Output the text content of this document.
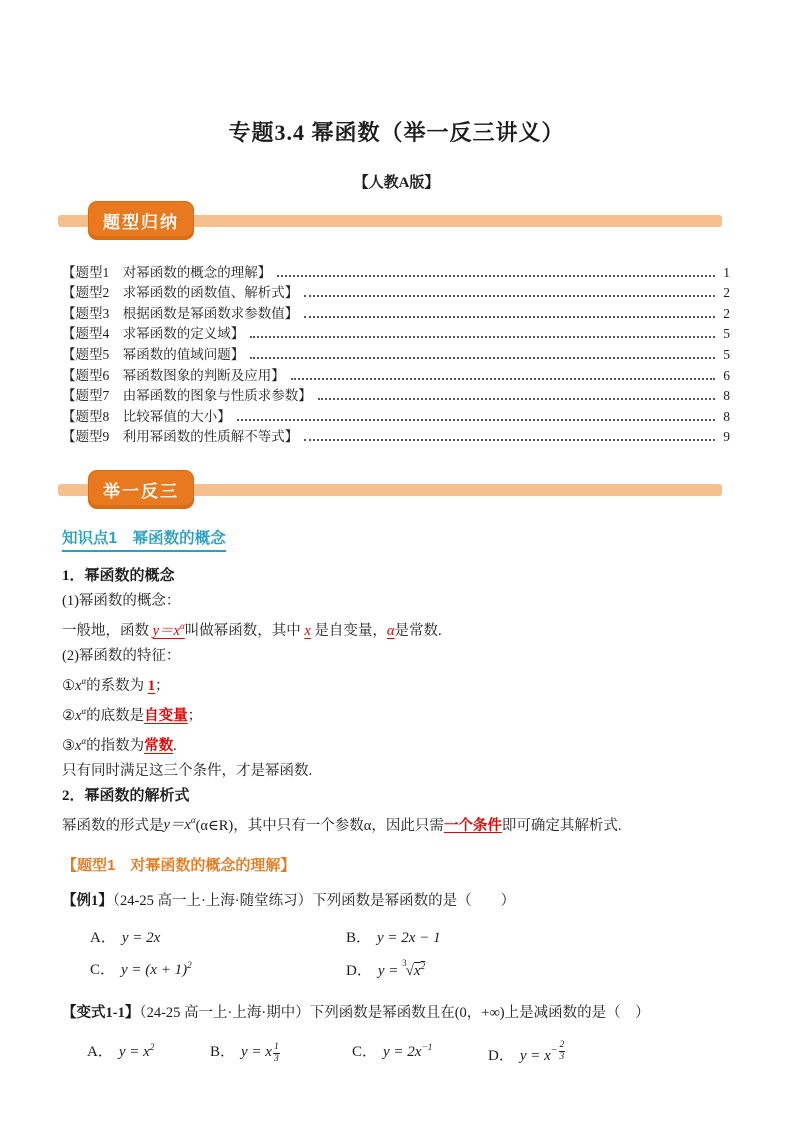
专题3.4 幂函数（举一反三讲义）
【人教A版】
题型归纳
【题型1　对幂函数的概念的理解】	1
【题型2　求幂函数的函数值、解析式】	2
【题型3　根据函数是幂函数求参数值】	2
【题型4　求幂函数的定义域】	5
【题型5　幂函数的值域问题】	5
【题型6　幂函数图象的判断及应用】	6
【题型7　由幂函数的图象与性质求参数】	8
【题型8　比较幂值的大小】	8
【题型9　利用幂函数的性质解不等式】	9
举一反三
知识点1　幂函数的概念
1．幂函数的概念
(1)幂函数的概念：
一般地，函数 $y=x^\alpha$叫做幂函数，其中 x 是自变量，α是常数.
(2)幂函数的特征：
$①x^\alpha$的系数为 1；
$②x^\alpha$的底数是自变量；
$③x^\alpha$的指数为常数.
只有同时满足这三个条件，才是幂函数.
2．幂函数的解析式
幂函数的形式是$y=x^\alpha(\alpha\in R)$，其中只有一个参数α，因此只需一个条件即可确定其解析式.
【题型1　对幂函数的概念的理解】
【例1】（24-25 高一上·上海·随堂练习）下列函数是幂函数的是（　　）
A． y = 2x	B． y = 2x − 1
C． $y = (x + 1)^2$	D． $y = ^3√x^2$
【变式1-1】（24-25 高一上·上海·期中）下列函数是幂函数且在(0，+∞)上是减函数的是（　）
A． $y = x^2$	B． y = x $\frac{1}{3}$	C． $y = 2x^{-1}$	D． $y = x - \frac{2}{3}$
